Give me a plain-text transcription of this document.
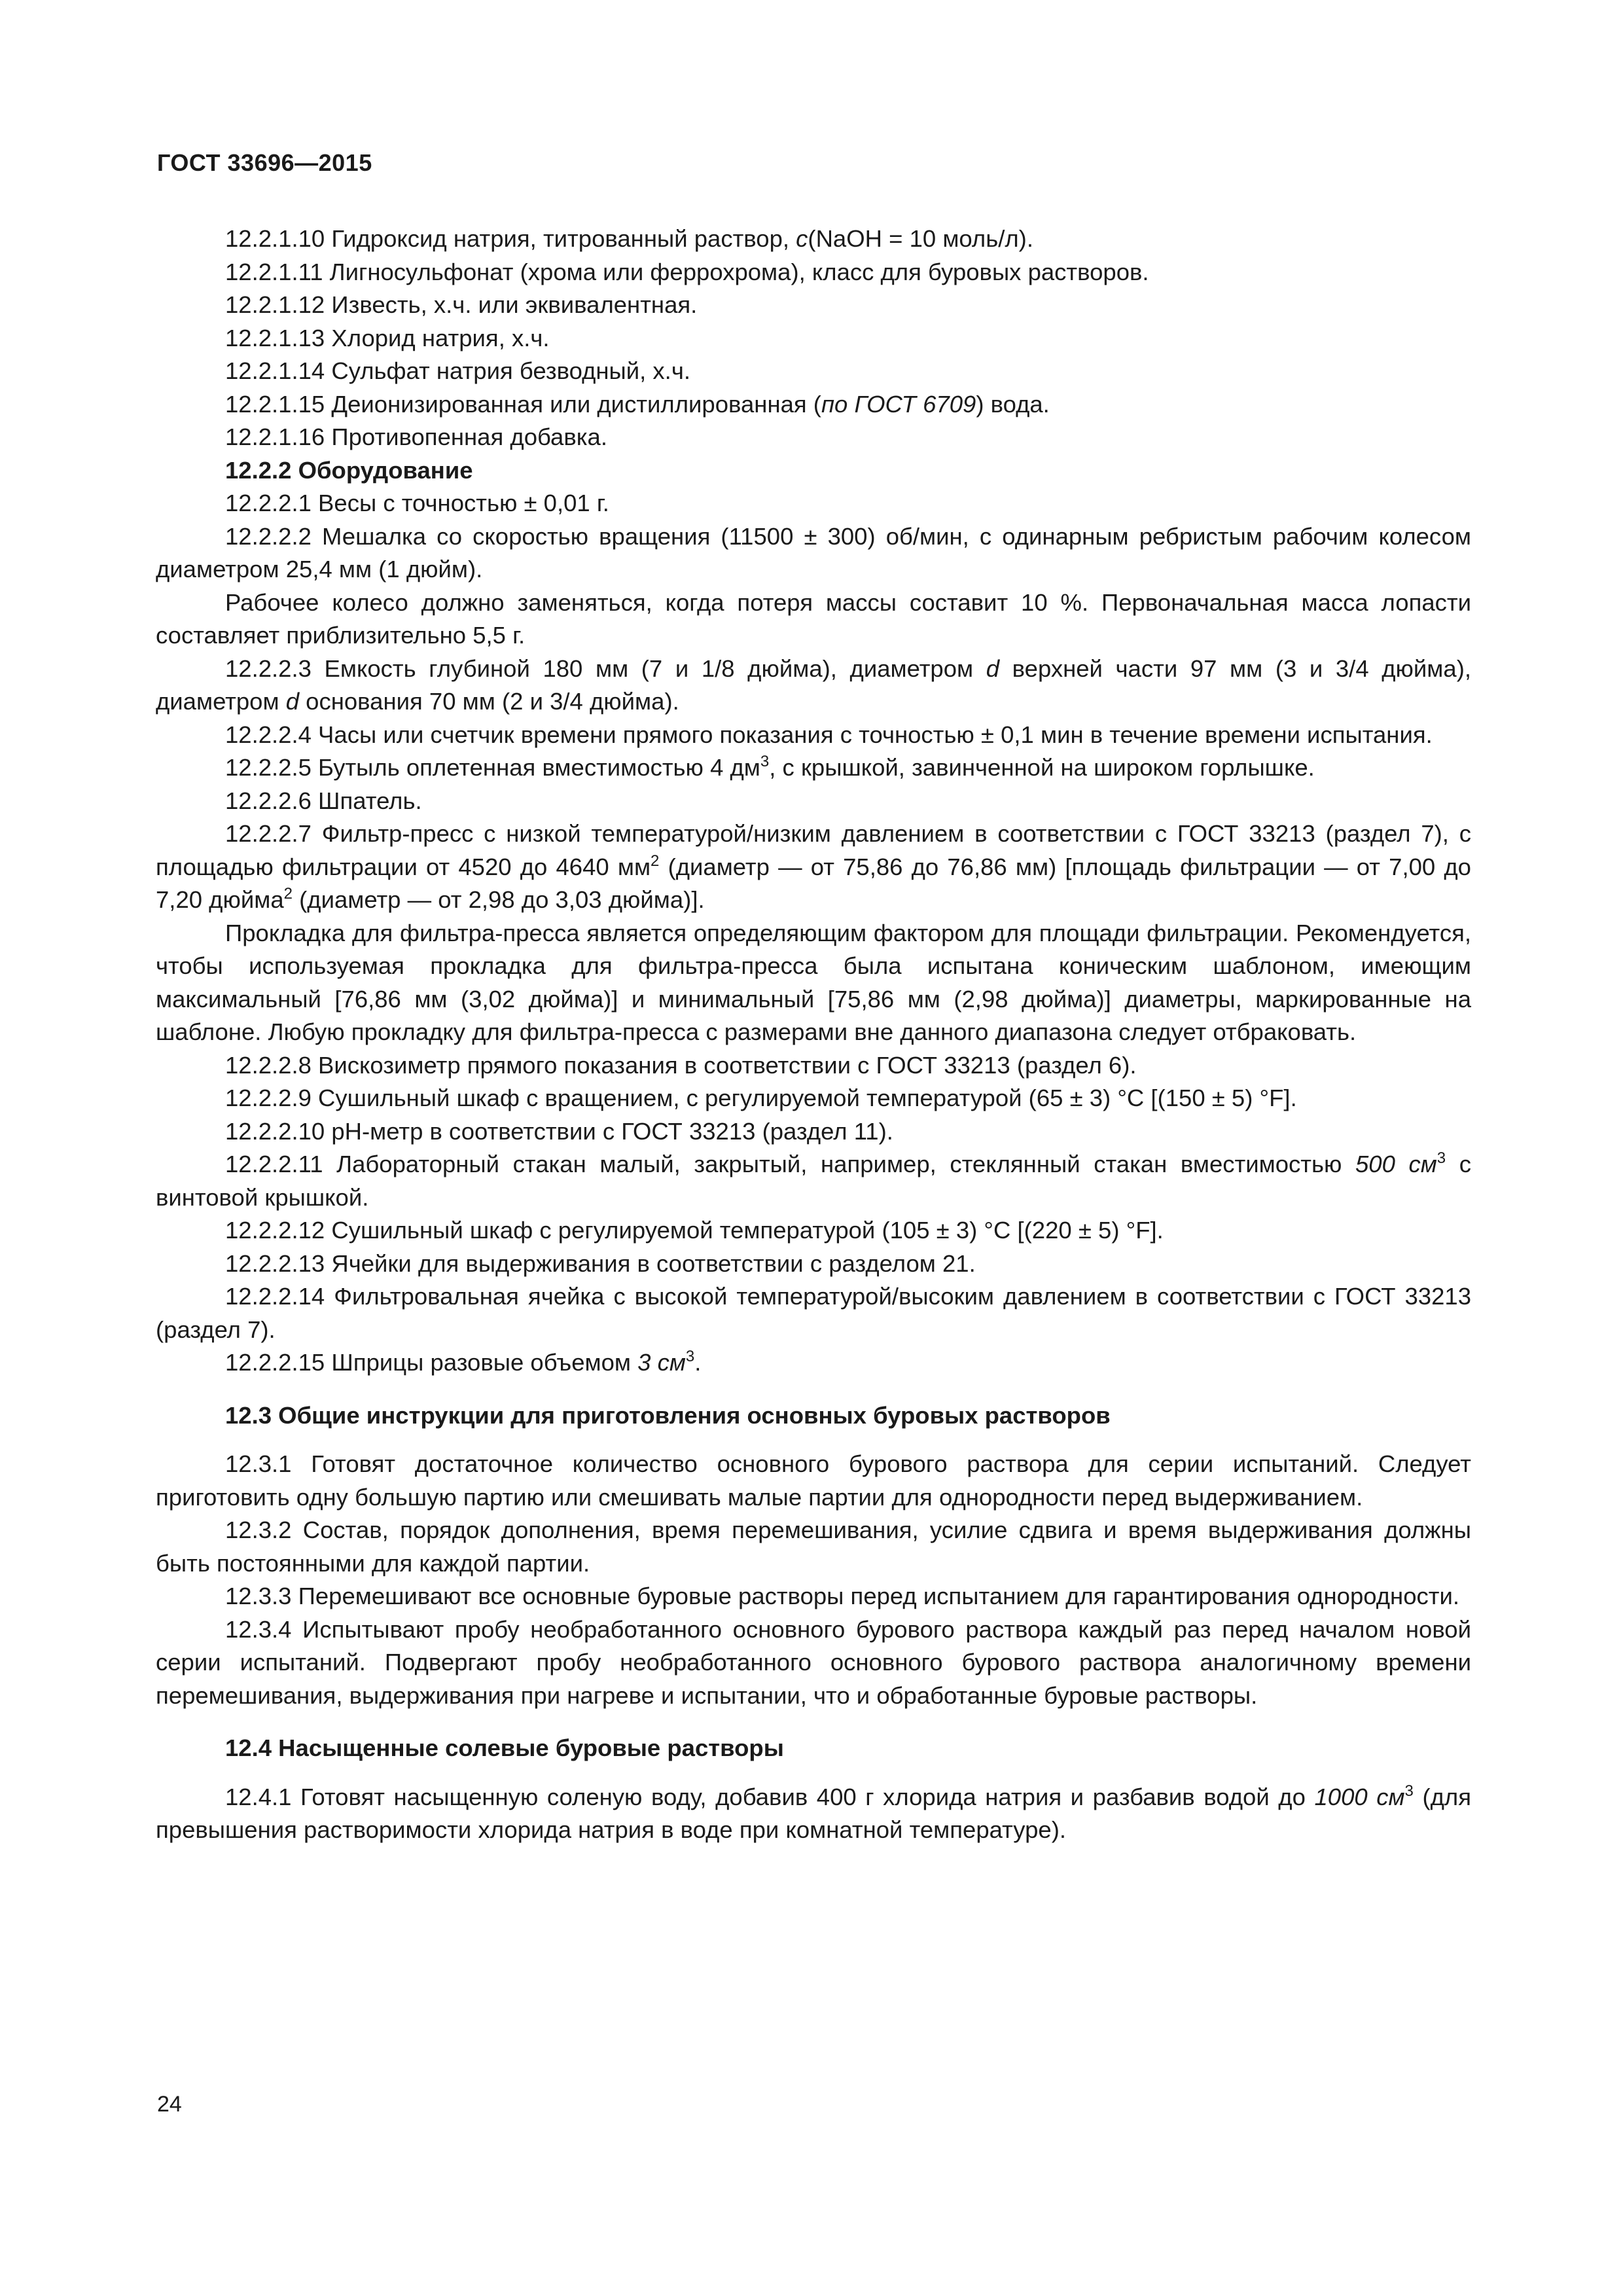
ГОСТ 33696—2015

12.2.1.10 Гидроксид натрия, титрованный раствор, c(NaOH = 10 моль/л).

12.2.1.11 Лигносульфонат (хрома или феррохрома), класс для буровых растворов.

12.2.1.12 Известь, х.ч. или эквивалентная.

12.2.1.13 Хлорид натрия, х.ч.

12.2.1.14 Сульфат натрия безводный, х.ч.

12.2.1.15 Деионизированная или дистиллированная (по ГОСТ 6709) вода.

12.2.1.16 Противопенная добавка.

12.2.2 Оборудование

12.2.2.1 Весы с точностью ± 0,01 г.

12.2.2.2 Мешалка со скоростью вращения (11500 ± 300) об/мин, с одинарным ребристым рабочим колесом диаметром 25,4 мм (1 дюйм).

Рабочее колесо должно заменяться, когда потеря массы составит 10 %. Первоначальная масса лопасти составляет приблизительно 5,5 г.

12.2.2.3 Емкость глубиной 180 мм (7 и 1/8 дюйма), диаметром d верхней части 97 мм (3 и 3/4 дюйма), диаметром d основания 70 мм (2 и 3/4 дюйма).

12.2.2.4 Часы или счетчик времени прямого показания с точностью ± 0,1 мин в течение времени испытания.

12.2.2.5 Бутыль оплетенная вместимостью 4 $дм^3$, с крышкой, завинченной на широком горлышке.

12.2.2.6 Шпатель.

12.2.2.7 Фильтр-пресс с низкой температурой/низким давлением в соответствии с ГОСТ 33213 (раздел 7), с площадью фильтрации от 4520 до 4640 $мм^2$ (диаметр — от 75,86 до 76,86 мм) [площадь фильтрации — от 7,00 до 7,20 дюйма$^2$ (диаметр — от 2,98 до 3,03 дюйма)].

Прокладка для фильтра-пресса является определяющим фактором для площади фильтрации. Рекомендуется, чтобы используемая прокладка для фильтра-пресса была испытана коническим шаблоном, имеющим максимальный [76,86 мм (3,02 дюйма)] и минимальный [75,86 мм (2,98 дюйма)] диаметры, маркированные на шаблоне. Любую прокладку для фильтра-пресса с размерами вне данного диапазона следует отбраковать.

12.2.2.8 Вискозиметр прямого показания в соответствии с ГОСТ 33213 (раздел 6).

12.2.2.9 Сушильный шкаф с вращением, с регулируемой температурой (65 ± 3) °С [(150 ± 5) °F].

12.2.2.10 pH-метр в соответствии с ГОСТ 33213 (раздел 11).

12.2.2.11 Лабораторный стакан малый, закрытый, например, стеклянный стакан вместимостью 500 $см^3$ с винтовой крышкой.

12.2.2.12 Сушильный шкаф с регулируемой температурой (105 ± 3) °С [(220 ± 5) °F].

12.2.2.13 Ячейки для выдерживания в соответствии с разделом 21.

12.2.2.14 Фильтровальная ячейка с высокой температурой/высоким давлением в соответствии с ГОСТ 33213 (раздел 7).

12.2.2.15 Шприцы разовые объемом 3 $см^3$.

12.3 Общие инструкции для приготовления основных буровых растворов

12.3.1 Готовят достаточное количество основного бурового раствора для серии испытаний. Следует приготовить одну большую партию или смешивать малые партии для однородности перед выдерживанием.

12.3.2 Состав, порядок дополнения, время перемешивания, усилие сдвига и время выдерживания должны быть постоянными для каждой партии.

12.3.3 Перемешивают все основные буровые растворы перед испытанием для гарантирования однородности.

12.3.4 Испытывают пробу необработанного основного бурового раствора каждый раз перед началом новой серии испытаний. Подвергают пробу необработанного основного бурового раствора аналогичному времени перемешивания, выдерживания при нагреве и испытании, что и обработанные буровые растворы.

12.4 Насыщенные солевые буровые растворы

12.4.1 Готовят насыщенную соленую воду, добавив 400 г хлорида натрия и разбавив водой до 1000 $см^3$ (для превышения растворимости хлорида натрия в воде при комнатной температуре).

24
